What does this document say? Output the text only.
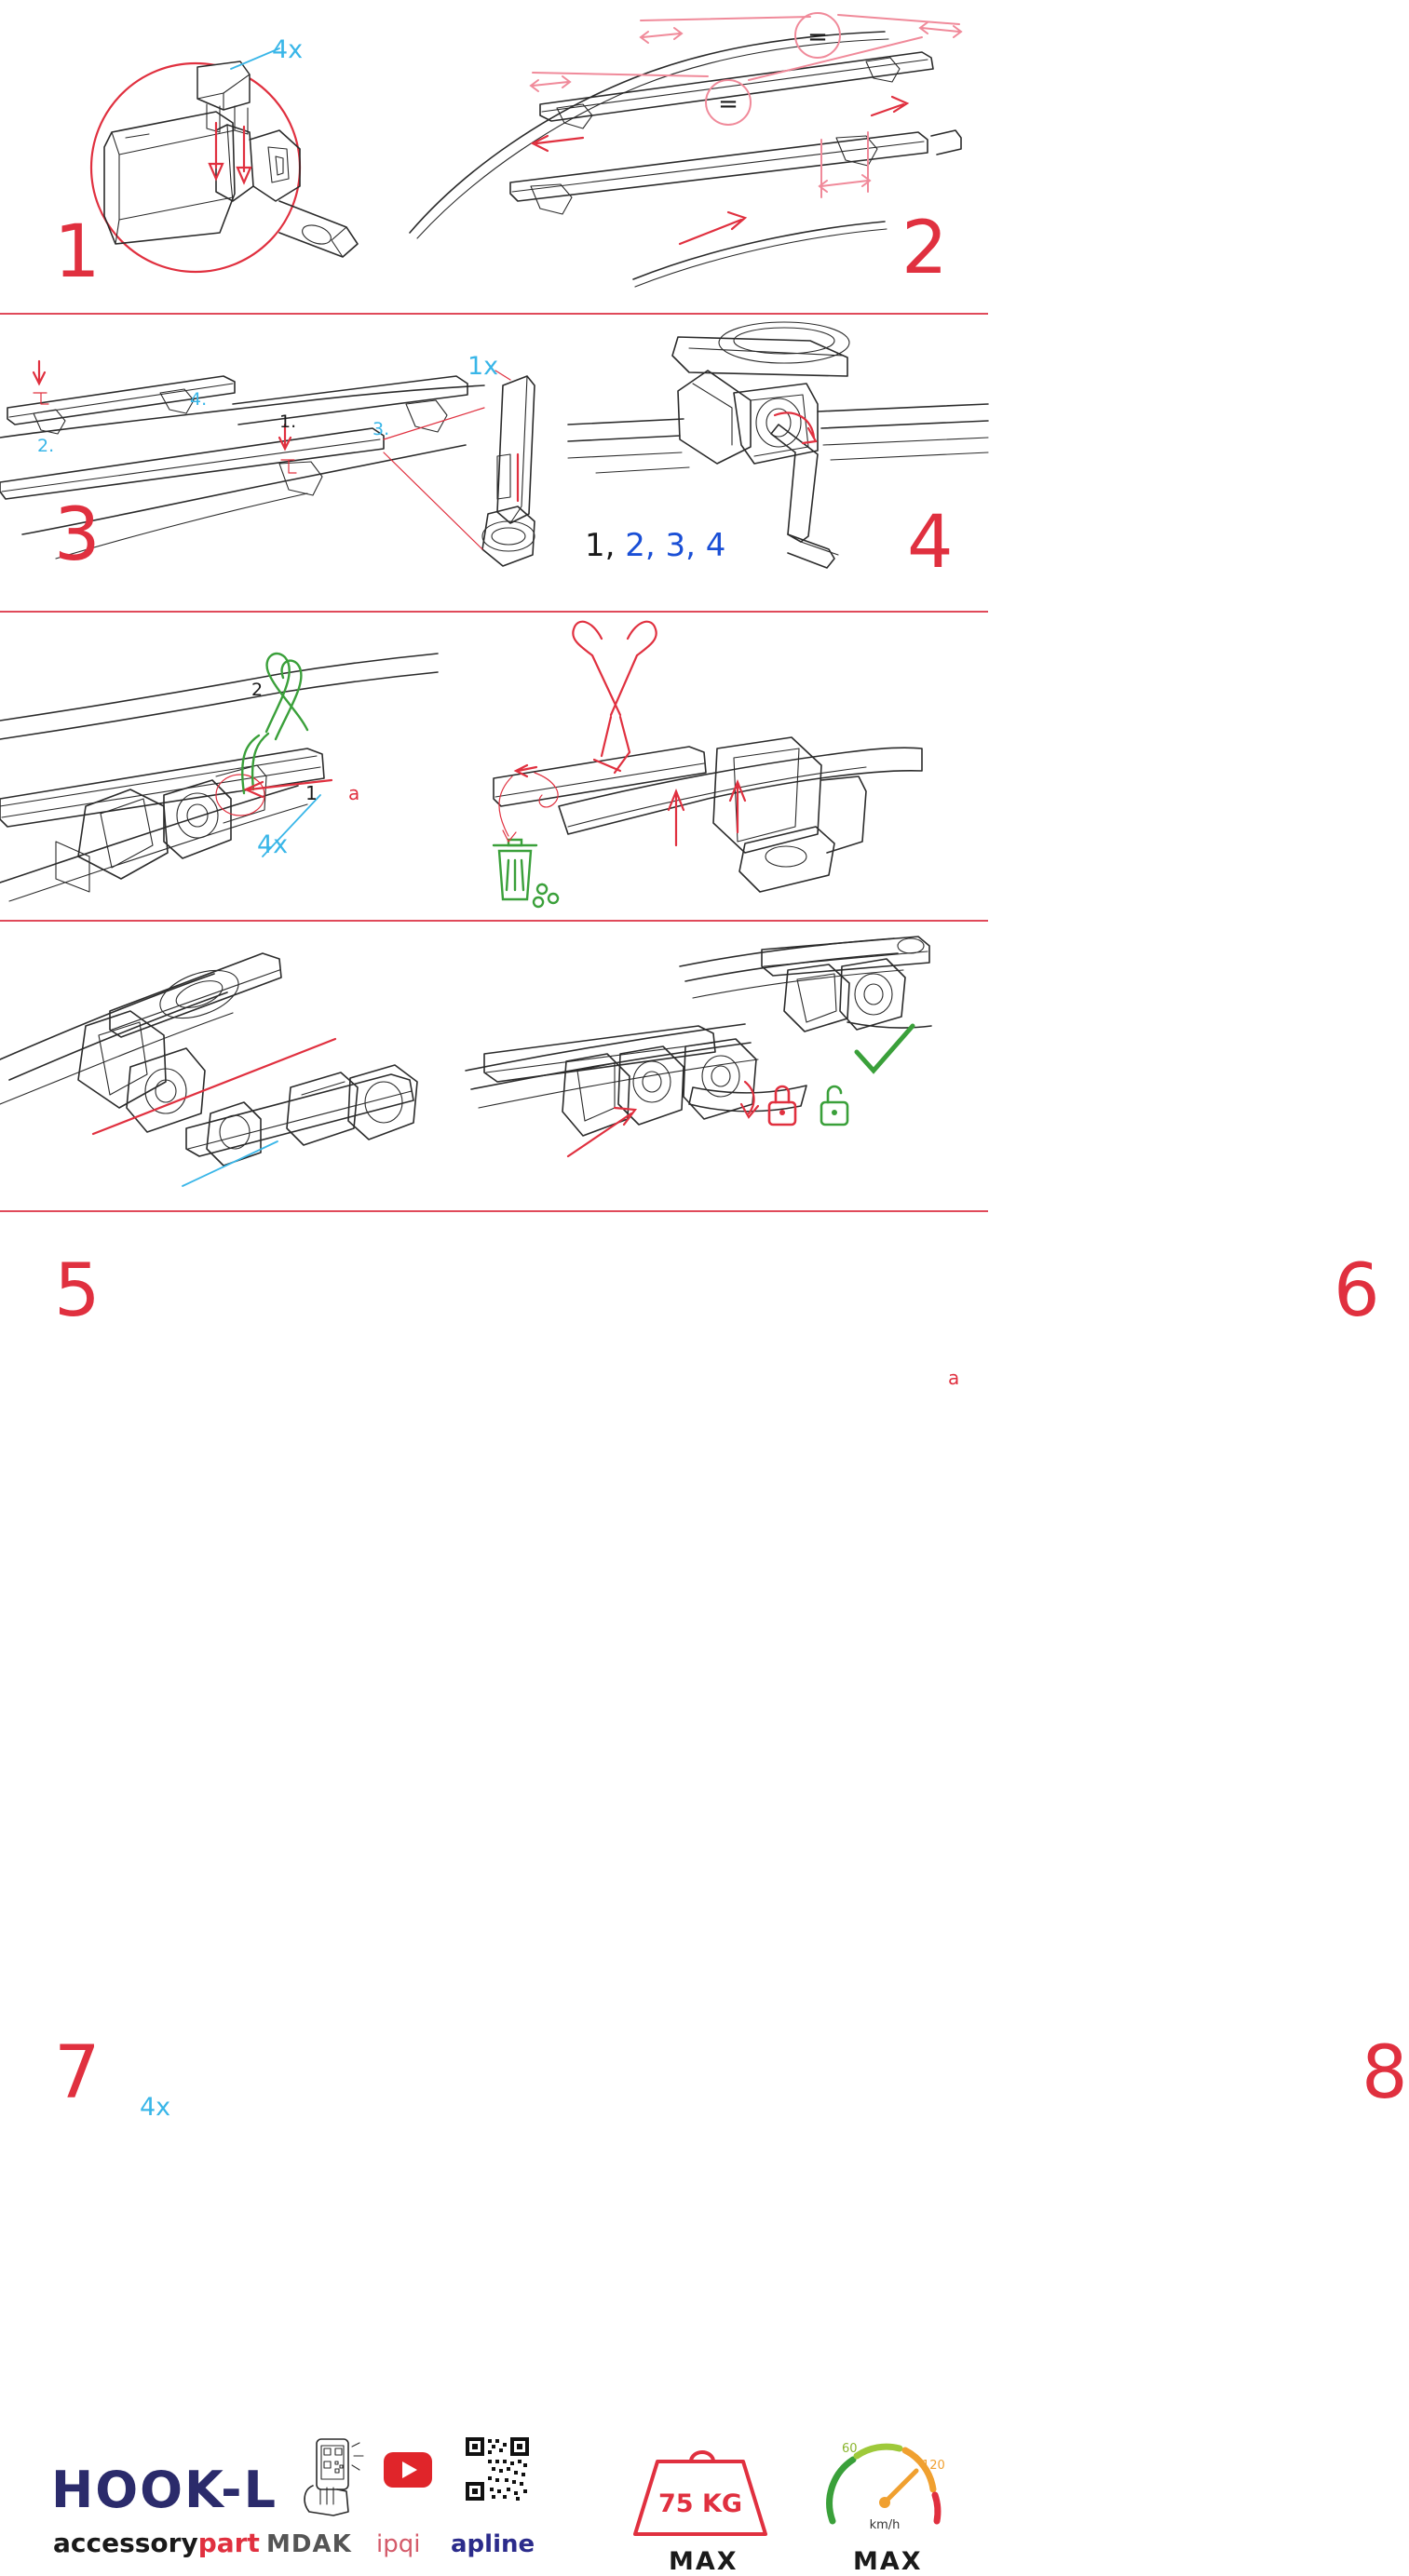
4x
1
=
=
2
4.
3.
2.
1.
1x
3	1, 2, 3, 4 4
2
5
1 a
4x
a
6
4x
7	8
HOOK-L
accessorypart MDAK ipqi apline
75 KG
MAX
60
120
km/h
MAX
